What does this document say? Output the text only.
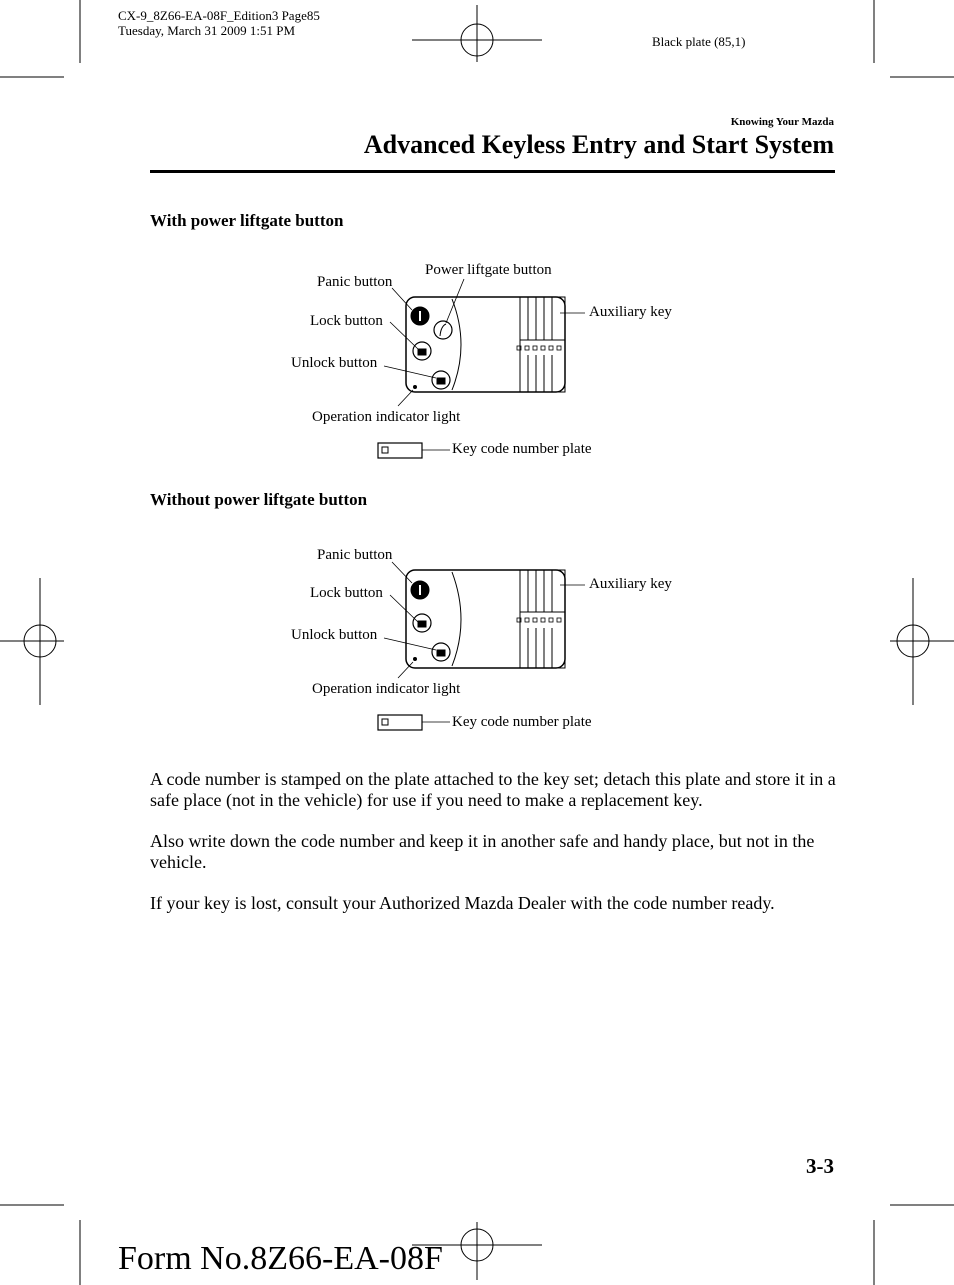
CX-9_8Z66-EA-08F_Edition3 Page85
Tuesday, March 31 2009 1:51 PM
Black plate (85,1)
Knowing Your Mazda
Advanced Keyless Entry and Start System
With power liftgate button
Panic button
Power liftgate button
Lock button
Unlock button
Auxiliary key
Operation indicator light
Key code number plate
Without power liftgate button
Panic button
Lock button
Unlock button
Auxiliary key
Operation indicator light
Key code number plate
A code number is stamped on the plate attached to the key set; detach this plate and store it in a safe place (not in the vehicle) for use if you need to make a replacement key.
Also write down the code number and keep it in another safe and handy place, but not in the vehicle.
If your key is lost, consult your Authorized Mazda Dealer with the code number ready.
3-3
Form No.8Z66-EA-08F
